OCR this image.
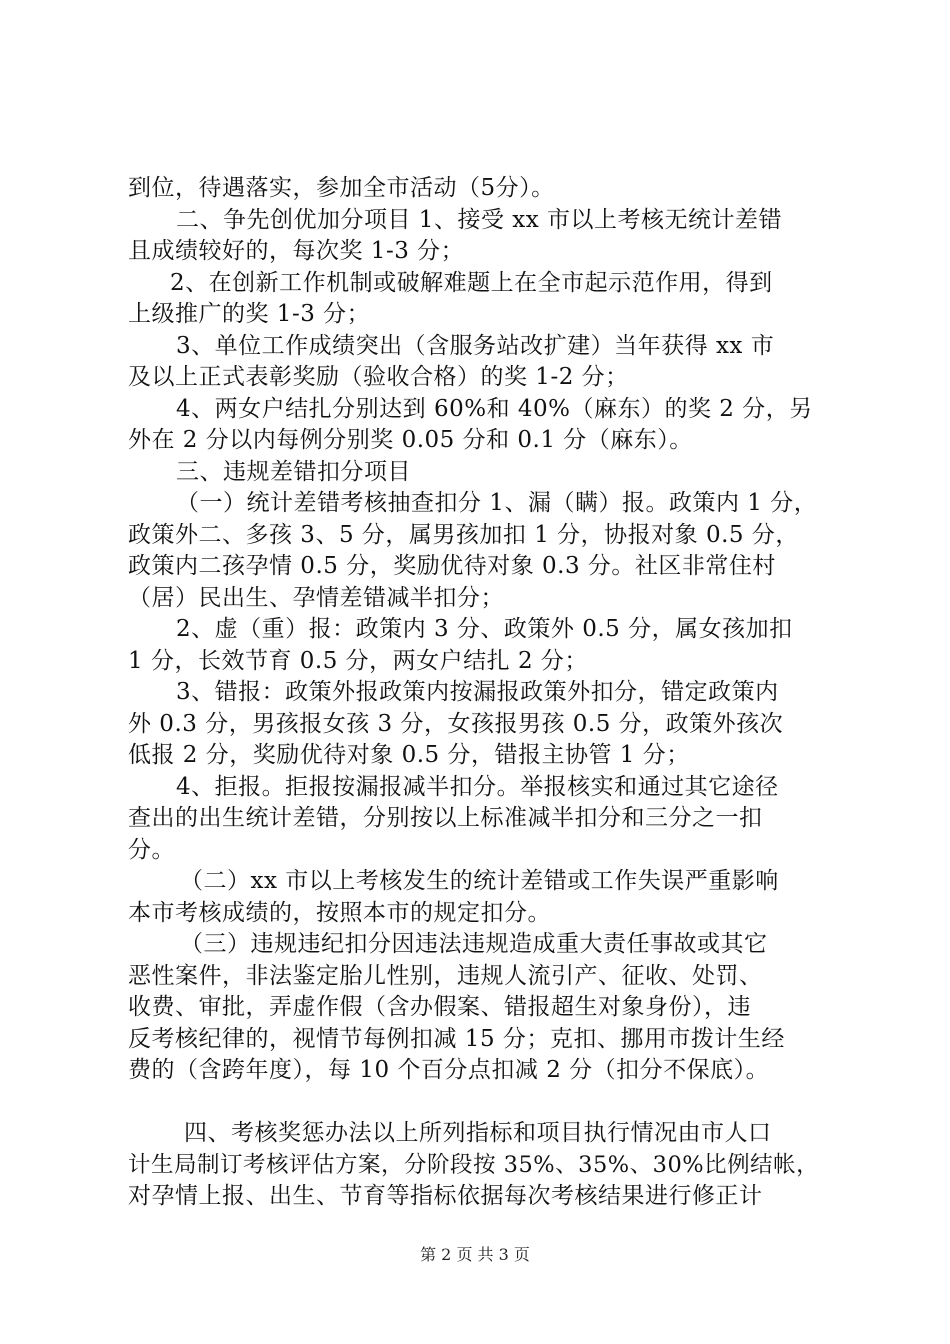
到位，待遇落实，参加全市活动（5分）。
二、争先创优加分项目 1、接受 xx 市以上考核无统计差错
且成绩较好的，每次奖 1-3 分；
2、在创新工作机制或破解难题上在全市起示范作用，得到
上级推广的奖 1-3 分；
3、单位工作成绩突出（含服务站改扩建）当年获得 xx 市
及以上正式表彰奖励（验收合格）的奖 1-2 分；
4、两女户结扎分别达到 60%和 40%（麻东）的奖 2 分，另
外在 2 分以内每例分别奖 0.05 分和 0.1 分（麻东）。
三、违规差错扣分项目
（一）统计差错考核抽查扣分 1、漏（瞒）报。政策内 1 分，
政策外二、多孩 3、5 分，属男孩加扣 1 分，协报对象 0.5 分，
政策内二孩孕情 0.5 分，奖励优待对象 0.3 分。社区非常住村
（居）民出生、孕情差错减半扣分；
2、虚（重）报：政策内 3 分、政策外 0.5 分，属女孩加扣
1 分，长效节育 0.5 分，两女户结扎 2 分；
3、错报：政策外报政策内按漏报政策外扣分，错定政策内
外 0.3 分，男孩报女孩 3 分，女孩报男孩 0.5 分，政策外孩次
低报 2 分，奖励优待对象 0.5 分，错报主协管 1 分；
4、拒报。拒报按漏报减半扣分。举报核实和通过其它途径
查出的出生统计差错，分别按以上标准减半扣分和三分之一扣
分。
（二）xx 市以上考核发生的统计差错或工作失误严重影响
本市考核成绩的，按照本市的规定扣分。
（三）违规违纪扣分因违法违规造成重大责任事故或其它
恶性案件，非法鉴定胎儿性别，违规人流引产、征收、处罚、
收费、审批，弄虚作假（含办假案、错报超生对象身份），违
反考核纪律的，视情节每例扣减 15 分；克扣、挪用市拨计生经
费的（含跨年度），每 10 个百分点扣减 2 分（扣分不保底）。
四、考核奖惩办法以上所列指标和项目执行情况由市人口
计生局制订考核评估方案，分阶段按 35%、35%、30%比例结帐，
对孕情上报、出生、节育等指标依据每次考核结果进行修正计
第 2 页 共 3 页
